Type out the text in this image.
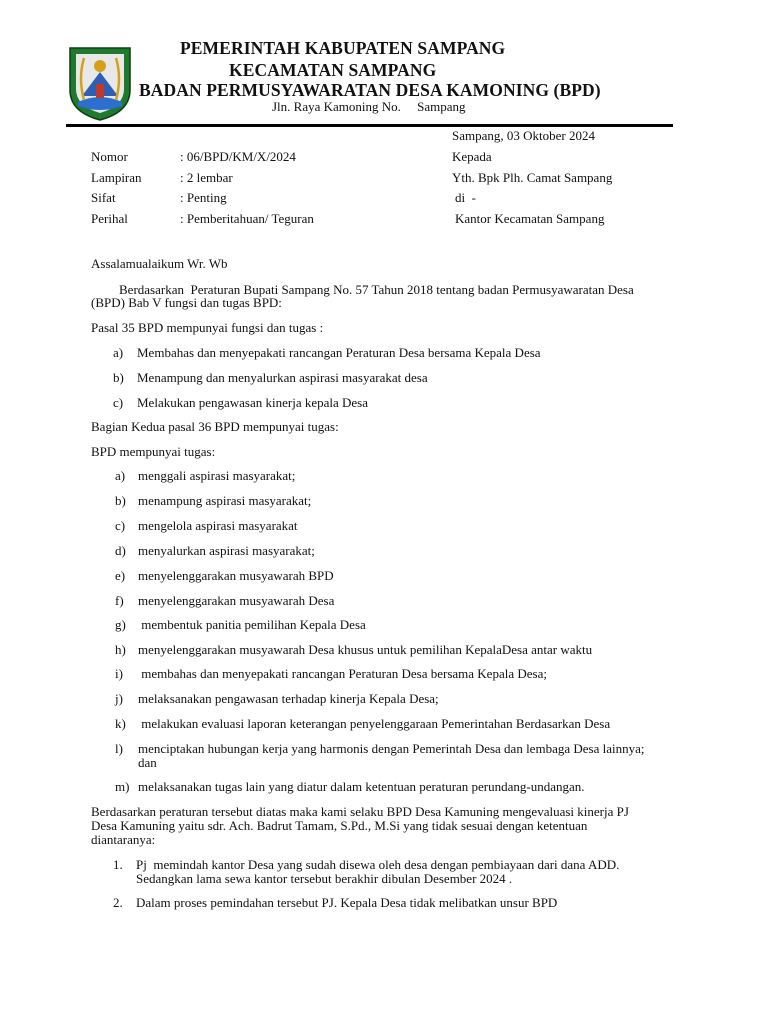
PEMERINTAH KABUPATEN SAMPANG
KECAMATAN SAMPANG
BADAN PERMUSYAWARATAN DESA KAMONING (BPD)
Jln. Raya Kamoning No.     Sampang
Sampang, 03 Oktober 2024
Nomor	: 06/BPD/KM/X/2024
Lampiran	: 2 lembar
Sifat	: Penting
Perihal	: Pemberitahuan/ Teguran
Kepada
Yth. Bpk Plh. Camat Sampang
di  -
Kantor Kecamatan Sampang
Assalamualaikum Wr. Wb
Berdasarkan  Peraturan Bupati Sampang No. 57 Tahun 2018 tentang badan Permusyawaratan Desa
(BPD) Bab V fungsi dan tugas BPD:
Pasal 35 BPD mempunyai fungsi dan tugas :
a) Membahas dan menyepakati rancangan Peraturan Desa bersama Kepala Desa
b) Menampung dan menyalurkan aspirasi masyarakat desa
c) Melakukan pengawasan kinerja kepala Desa
Bagian Kedua pasal 36 BPD mempunyai tugas:
BPD mempunyai tugas:
a) menggali aspirasi masyarakat;
b) menampung aspirasi masyarakat;
c) mengelola aspirasi masyarakat
d) menyalurkan aspirasi masyarakat;
e) menyelenggarakan musyawarah BPD
f) menyelenggarakan musyawarah Desa
g) membentuk panitia pemilihan Kepala Desa
h) menyelenggarakan musyawarah Desa khusus untuk pemilihan KepalaDesa antar waktu
i) membahas dan menyepakati rancangan Peraturan Desa bersama Kepala Desa;
j) melaksanakan pengawasan terhadap kinerja Kepala Desa;
k) melakukan evaluasi laporan keterangan penyelenggaraan Pemerintahan Berdasarkan Desa
l) menciptakan hubungan kerja yang harmonis dengan Pemerintah Desa dan lembaga Desa lainnya;
dan
m) melaksanakan tugas lain yang diatur dalam ketentuan peraturan perundang-undangan.
Berdasarkan peraturan tersebut diatas maka kami selaku BPD Desa Kamuning mengevaluasi kinerja PJ
Desa Kamuning yaitu sdr. Ach. Badrut Tamam, S.Pd., M.Si yang tidak sesuai dengan ketentuan
diantaranya:
1. Pj  memindah kantor Desa yang sudah disewa oleh desa dengan pembiayaan dari dana ADD.
Sedangkan lama sewa kantor tersebut berakhir dibulan Desember 2024 .
2. Dalam proses pemindahan tersebut PJ. Kepala Desa tidak melibatkan unsur BPD
